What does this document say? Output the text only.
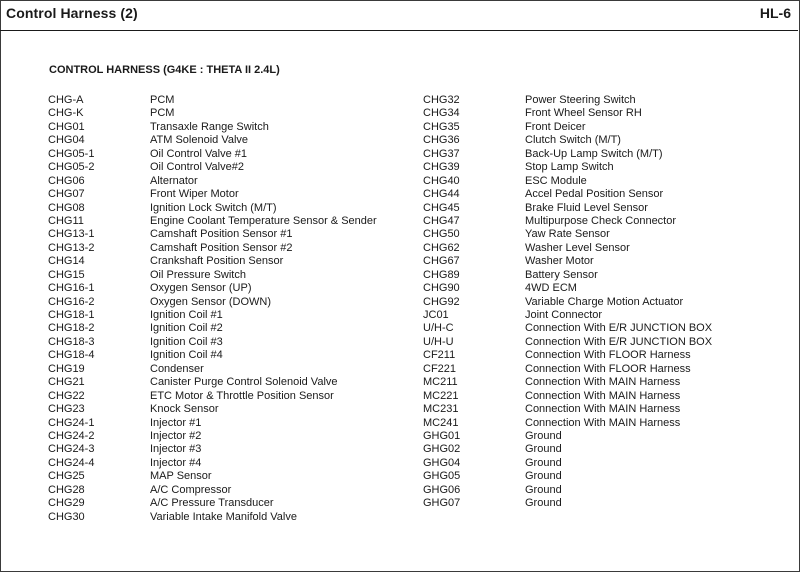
Control Harness (2)	HL-6
CONTROL HARNESS (G4KE : THETA II 2.4L)
CHG-A	PCM
CHG-K	PCM
CHG01	Transaxle Range Switch
CHG04	ATM Solenoid Valve
CHG05-1	Oil Control Valve #1
CHG05-2	Oil Control Valve#2
CHG06	Alternator
CHG07	Front Wiper Motor
CHG08	Ignition Lock Switch (M/T)
CHG11	Engine Coolant Temperature Sensor & Sender
CHG13-1	Camshaft Position Sensor #1
CHG13-2	Camshaft Position Sensor #2
CHG14	Crankshaft Position Sensor
CHG15	Oil Pressure Switch
CHG16-1	Oxygen Sensor (UP)
CHG16-2	Oxygen Sensor (DOWN)
CHG18-1	Ignition Coil #1
CHG18-2	Ignition Coil #2
CHG18-3	Ignition Coil #3
CHG18-4	Ignition Coil #4
CHG19	Condenser
CHG21	Canister Purge Control Solenoid Valve
CHG22	ETC Motor & Throttle Position Sensor
CHG23	Knock Sensor
CHG24-1	Injector #1
CHG24-2	Injector #2
CHG24-3	Injector #3
CHG24-4	Injector #4
CHG25	MAP Sensor
CHG28	A/C Compressor
CHG29	A/C Pressure Transducer
CHG30	Variable Intake Manifold Valve
CHG32	Power Steering Switch
CHG34	Front Wheel Sensor RH
CHG35	Front Deicer
CHG36	Clutch Switch (M/T)
CHG37	Back-Up Lamp Switch (M/T)
CHG39	Stop Lamp Switch
CHG40	ESC Module
CHG44	Accel Pedal Position Sensor
CHG45	Brake Fluid Level Sensor
CHG47	Multipurpose Check Connector
CHG50	Yaw Rate Sensor
CHG62	Washer Level Sensor
CHG67	Washer Motor
CHG89	Battery Sensor
CHG90	4WD ECM
CHG92	Variable Charge Motion Actuator
JC01	Joint Connector
U/H-C	Connection With E/R JUNCTION BOX
U/H-U	Connection With E/R JUNCTION BOX
CF211	Connection With FLOOR Harness
CF221	Connection With FLOOR Harness
MC211	Connection With MAIN Harness
MC221	Connection With MAIN Harness
MC231	Connection With MAIN Harness
MC241	Connection With MAIN Harness
GHG01	Ground
GHG02	Ground
GHG04	Ground
GHG05	Ground
GHG06	Ground
GHG07	Ground
